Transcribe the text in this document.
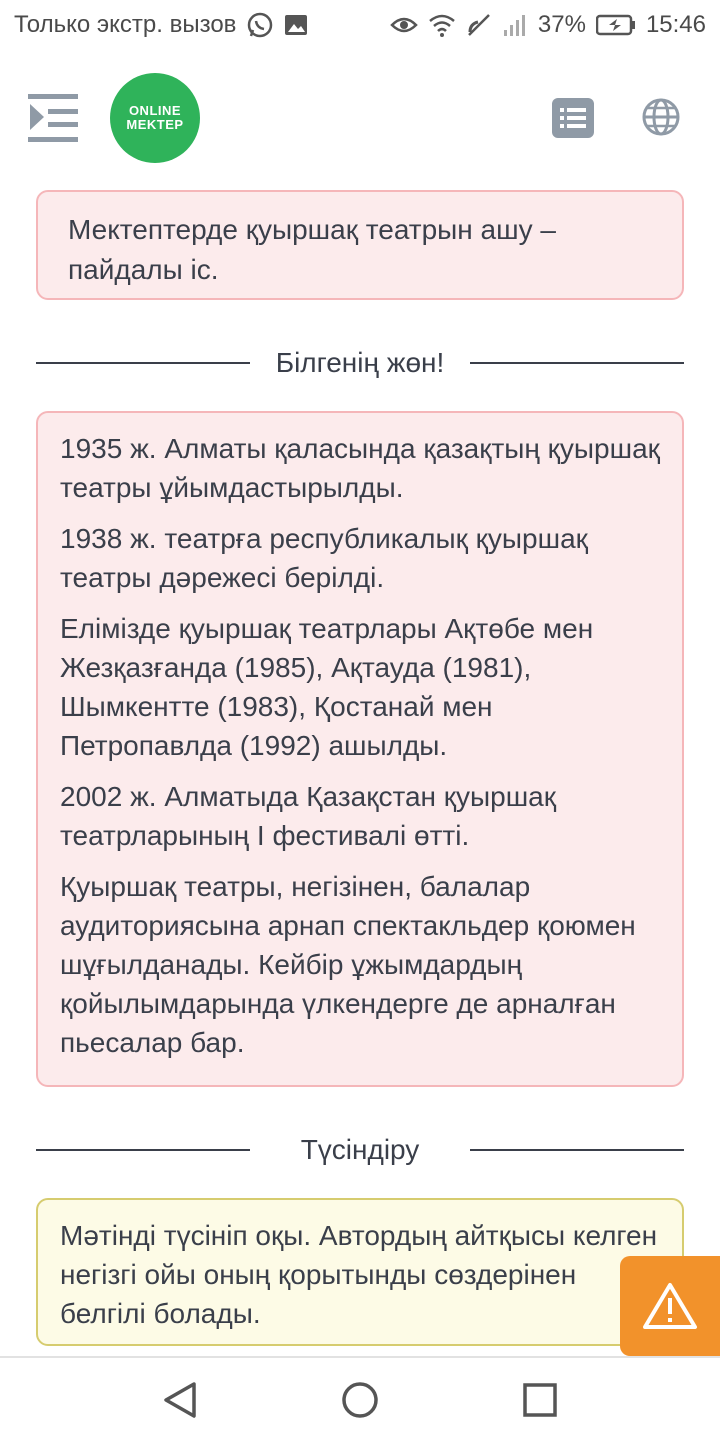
Только экстр. вызов	37%	15:46
ONLINE
MEKTEP
Мектептерде қуыршақ театрын ашу – пайдалы іс.
Білгенің жөн!

1935 ж. Алматы қаласында қазақтың қуыршақ театры ұйымдастырылды.

1938 ж. театрға республикалық қуыршақ театры дәрежесі берілді.

Елімізде қуыршақ театрлары Ақтөбе мен Жезқазғанда (1985), Ақтауда (1981), Шымкентте (1983), Қостанай мен Петропавлда (1992) ашылды.

2002 ж. Алматыда Қазақстан қуыршақ театрларының I фестивалі өтті.

Қуыршақ театры, негізінен, балалар аудиториясына арнап спектакльдер қоюмен шұғылданады. Кейбір ұжымдардың қойылымдарында үлкендерге де арналған пьесалар бар.

Түсіндіру
Мәтінді түсініп оқы. Автордың айтқысы келген негізгі ойы оның қорытынды сөздерінен белгілі болады.
